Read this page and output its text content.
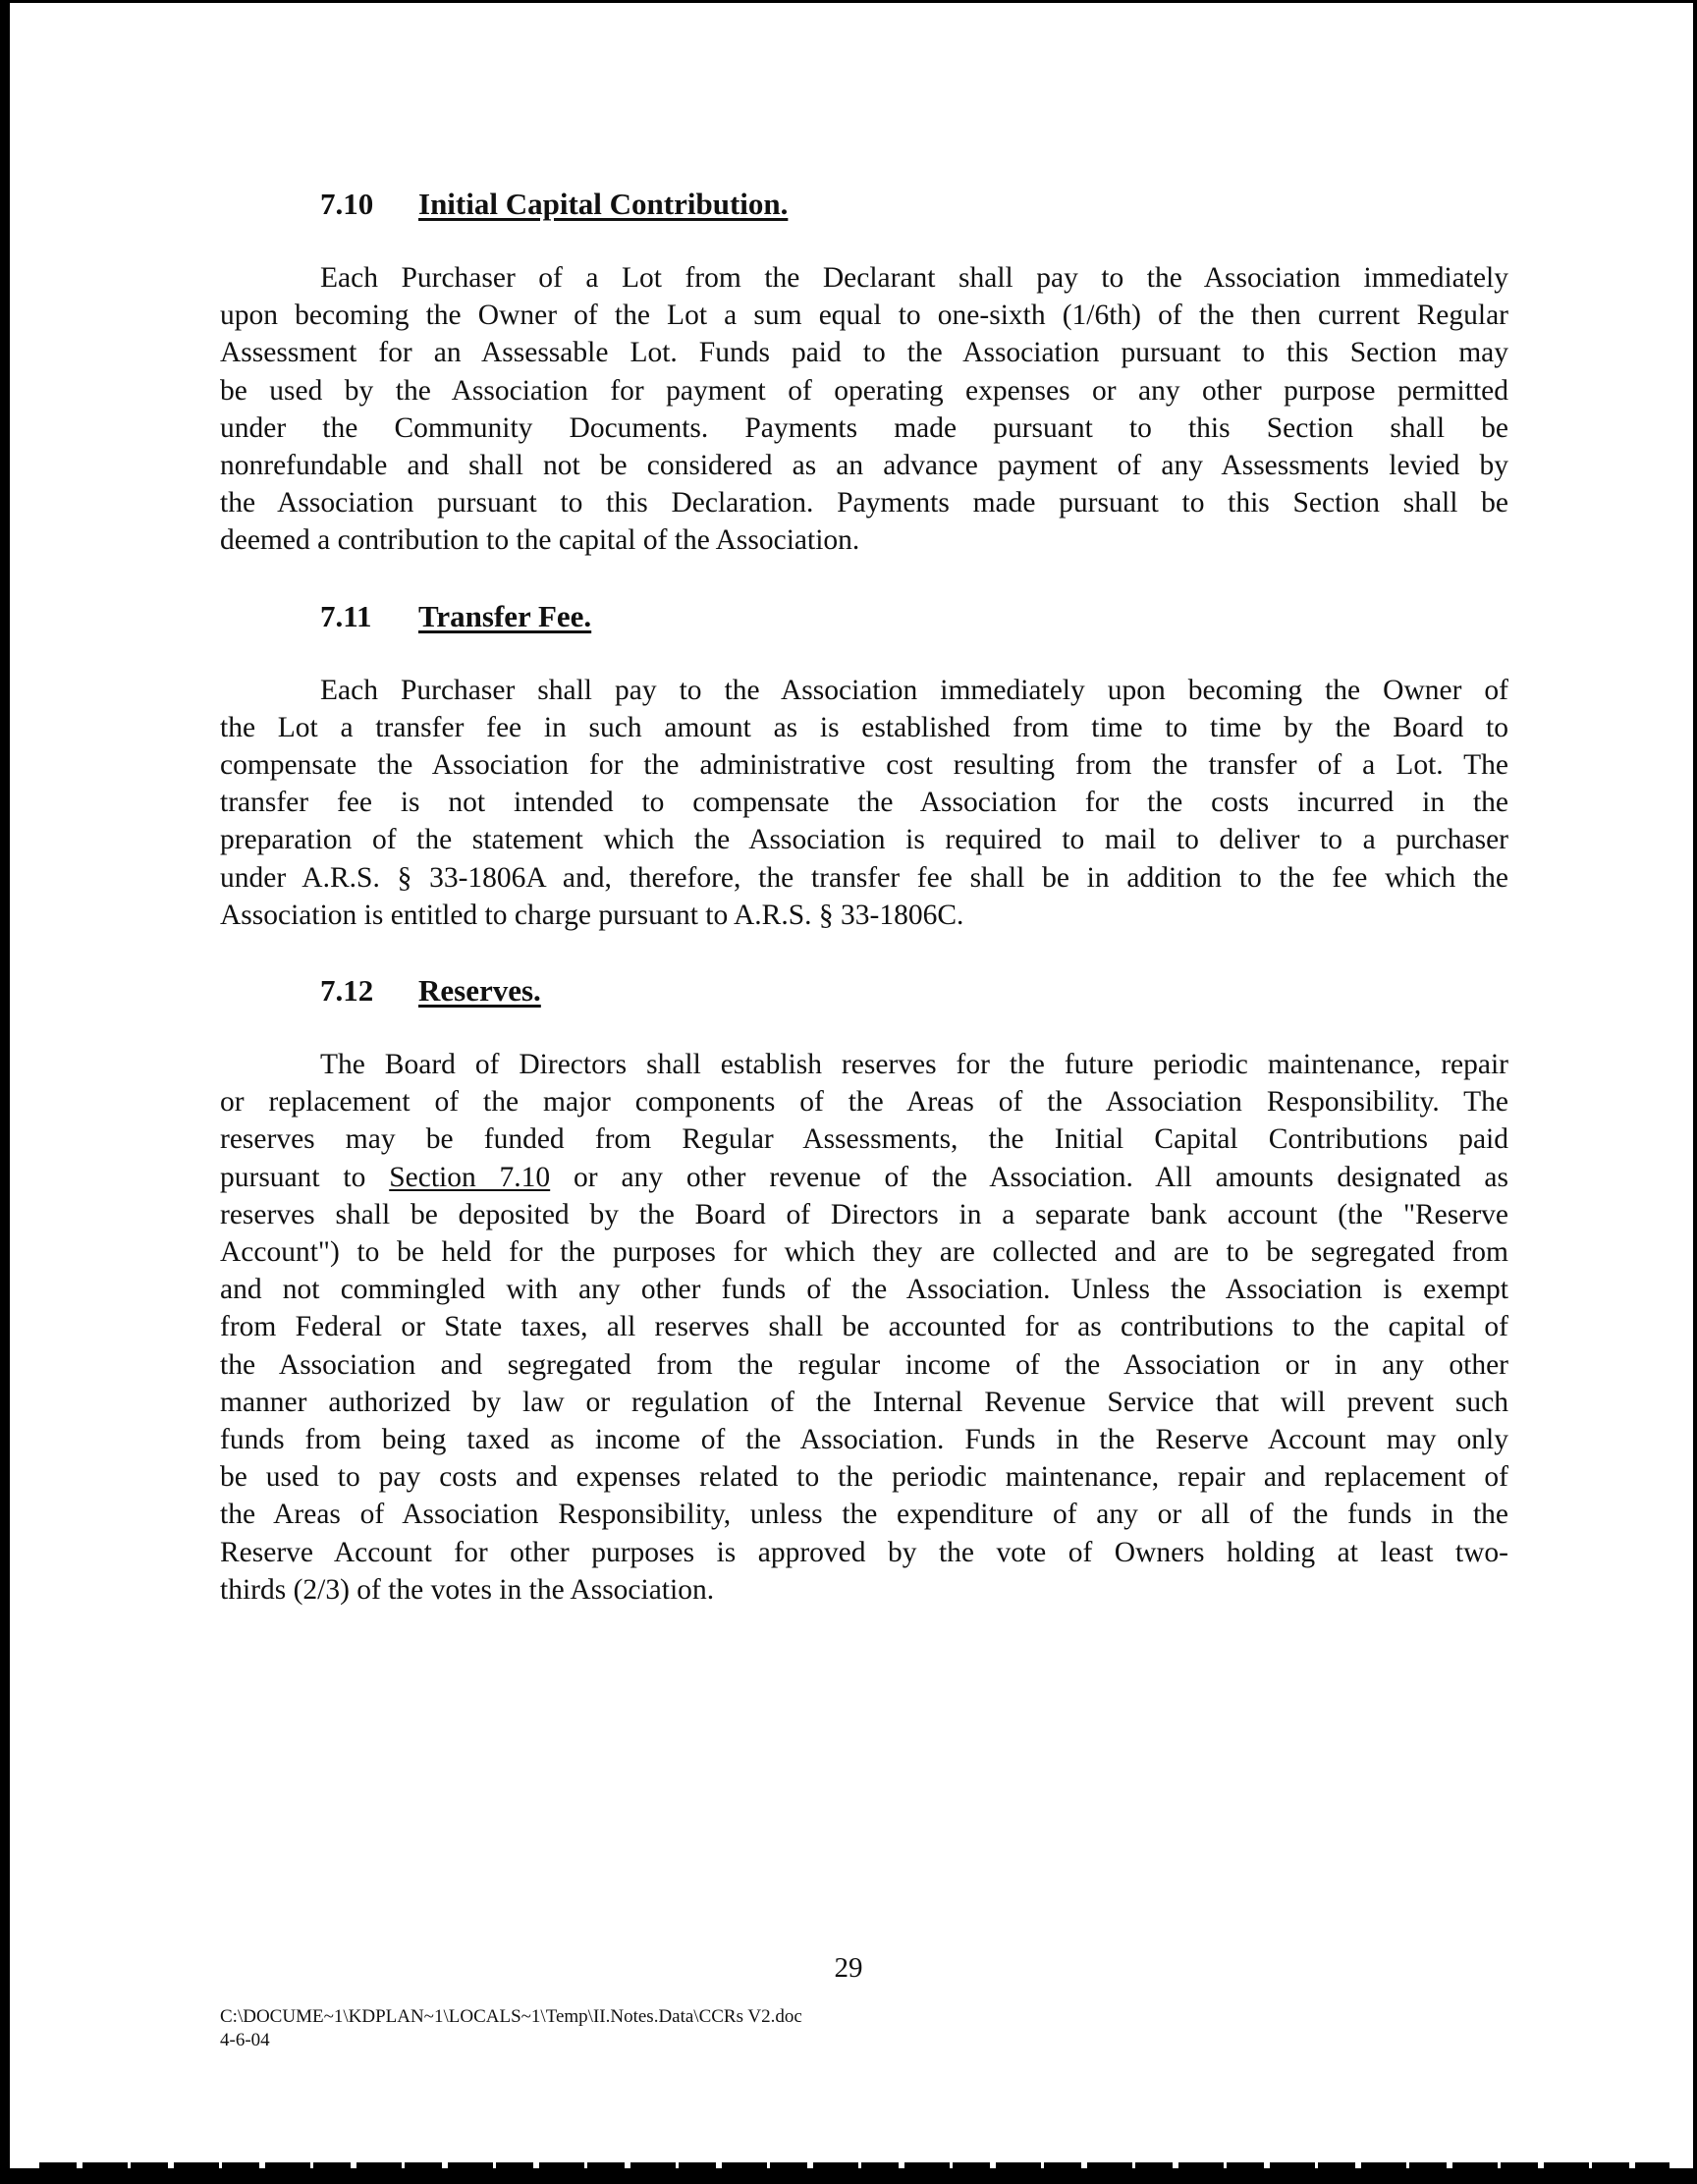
7.10 Initial Capital Contribution.
Each Purchaser of a Lot from the Declarant shall pay to the Association immediately
upon becoming the Owner of the Lot a sum equal to one-sixth (1/6th) of the then current Regular
Assessment for an Assessable Lot. Funds paid to the Association pursuant to this Section may
be used by the Association for payment of operating expenses or any other purpose permitted
under the Community Documents. Payments made pursuant to this Section shall be
nonrefundable and shall not be considered as an advance payment of any Assessments levied by
the Association pursuant to this Declaration. Payments made pursuant to this Section shall be
deemed a contribution to the capital of the Association.
7.11 Transfer Fee.
Each Purchaser shall pay to the Association immediately upon becoming the Owner of
the Lot a transfer fee in such amount as is established from time to time by the Board to
compensate the Association for the administrative cost resulting from the transfer of a Lot. The
transfer fee is not intended to compensate the Association for the costs incurred in the
preparation of the statement which the Association is required to mail to deliver to a purchaser
under A.R.S. § 33-1806A and, therefore, the transfer fee shall be in addition to the fee which the
Association is entitled to charge pursuant to A.R.S. § 33-1806C.
7.12 Reserves.
The Board of Directors shall establish reserves for the future periodic maintenance, repair
or replacement of the major components of the Areas of the Association Responsibility. The
reserves may be funded from Regular Assessments, the Initial Capital Contributions paid
pursuant to Section 7.10 or any other revenue of the Association. All amounts designated as
reserves shall be deposited by the Board of Directors in a separate bank account (the "Reserve
Account") to be held for the purposes for which they are collected and are to be segregated from
and not commingled with any other funds of the Association. Unless the Association is exempt
from Federal or State taxes, all reserves shall be accounted for as contributions to the capital of
the Association and segregated from the regular income of the Association or in any other
manner authorized by law or regulation of the Internal Revenue Service that will prevent such
funds from being taxed as income of the Association. Funds in the Reserve Account may only
be used to pay costs and expenses related to the periodic maintenance, repair and replacement of
the Areas of Association Responsibility, unless the expenditure of any or all of the funds in the
Reserve Account for other purposes is approved by the vote of Owners holding at least two-
thirds (2/3) of the votes in the Association.
29
C:\DOCUME~1\KDPLAN~1\LOCALS~1\Temp\II.Notes.Data\CCRs V2.doc
4-6-04
